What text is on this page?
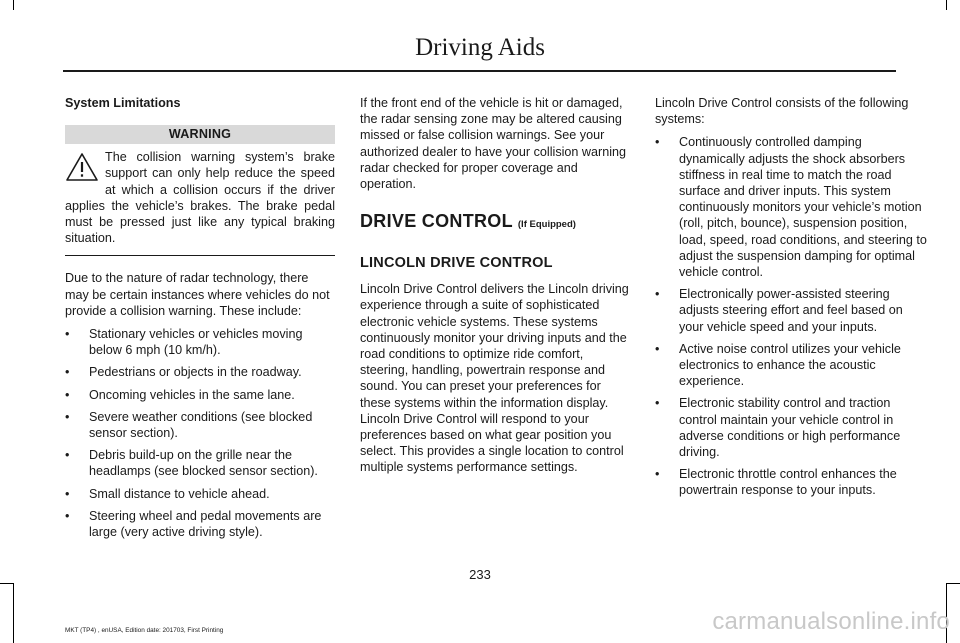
Driving Aids

System Limitations

WARNING

The collision warning system’s brake support can only help reduce the speed at which a collision occurs if the driver applies the vehicle’s brakes. The brake pedal must be pressed just like any typical braking situation.

Due to the nature of radar technology, there may be certain instances where vehicles do not provide a collision warning. These include:

• Stationary vehicles or vehicles moving below 6 mph (10 km/h).
• Pedestrians or objects in the roadway.
• Oncoming vehicles in the same lane.
• Severe weather conditions (see blocked sensor section).
• Debris build-up on the grille near the headlamps (see blocked sensor section).
• Small distance to vehicle ahead.
• Steering wheel and pedal movements are large (very active driving style).

If the front end of the vehicle is hit or damaged, the radar sensing zone may be altered causing missed or false collision warnings. See your authorized dealer to have your collision warning radar checked for proper coverage and operation.

DRIVE CONTROL (If Equipped)
LINCOLN DRIVE CONTROL

Lincoln Drive Control delivers the Lincoln driving experience through a suite of sophisticated electronic vehicle systems. These systems continuously monitor your driving inputs and the road conditions to optimize ride comfort, steering, handling, powertrain response and sound. You can preset your preferences for these systems within the information display. Lincoln Drive Control will respond to your preferences based on what gear position you select. This provides a single location to control multiple systems performance settings.

Lincoln Drive Control consists of the following systems:

• Continuously controlled damping dynamically adjusts the shock absorbers stiffness in real time to match the road surface and driver inputs. This system continuously monitors your vehicle’s motion (roll, pitch, bounce), suspension position, load, speed, road conditions, and steering to adjust the suspension damping for optimal vehicle control.
• Electronically power-assisted steering adjusts steering effort and feel based on your vehicle speed and your inputs.
• Active noise control utilizes your vehicle electronics to enhance the acoustic experience.
• Electronic stability control and traction control maintain your vehicle control in adverse conditions or high performance driving.
• Electronic throttle control enhances the powertrain response to your inputs.
233
MKT (TP4) , enUSA, Edition date: 201703, First Printing	carmanualsonline.info
